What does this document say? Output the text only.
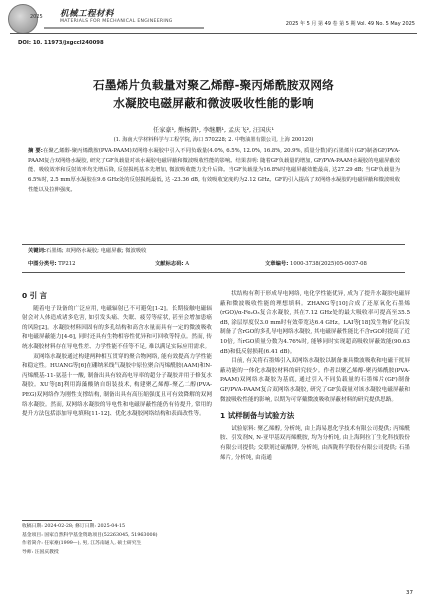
2025 机械工程材料
MATERIALS FOR MECHANICAL ENGINEERING	2025 年 5 月 第 49 卷 第 5 期 Vol. 49 No. 5 May 2025
DOI: 10. 11973/jxgccl240098
石墨烯片负载量对聚乙烯醇-聚丙烯酰胺双网络
水凝胶电磁屏蔽和微波吸收性能的影响
任家豪¹, 熊杨凯¹, 李继鹏¹, 孟庆飞², 汪国庆¹
(1. 海南大学材料科学与工程学院, 海口 570228; 2. 中物油墨有限公司, 上海 200120)
摘 要:在聚乙烯醇-聚丙烯酰胺(PVA-PAAM)双网络水凝胶中引入不同负载量(4.0%, 6.5%, 12.0%, 16.8%, 20.9%, 质量分数)的石墨烯片(GF)制备GF/PVA-PAAM复合双网络水凝胶, 研究了GF负载量对该水凝胶电磁屏蔽和微波吸收性能的影响。结果表明: 随着GF负载量的增加, GF/PVA-PAAM水凝胶的电磁屏蔽效能、吸收效率和反射效率均先增后降, 反射损耗基本先增加, 微波吸收能力先升后降。当GF负载量为16.8%时电磁屏蔽效能最高, 达27.29 dB; 当GF负载量为6.5%时, 2.5 mm厚水凝胶在9.6 GHz处的反射损耗最低, 达 -23.36 dB, 有效吸收宽度约为2.12 GHz。GF的引入提高了双网络水凝胶的电磁屏蔽和微波吸收性能以及拉伸强度。
关键词:石墨烯; 双网络水凝胶; 电磁屏蔽; 微波吸收
中图分类号: TP212	文献标志码: A	文章编号: 1000-3738(2025)05-0037-08
0 引 言

随着电子设备的广泛应用, 电磁辐射已不可避免[1-2]。长期接触电磁辐射会对人体造成诸多危害, 如引发头痛、失眠、疲劳等症状, 甚至会增加患癌的风险[2]。水凝胶材料因固有的多孔结构和高含水量而具有一定的微波吸收和电磁屏蔽能力[4-6], 同时还具有生物相容性优异和可回收等特点。然而, 传统水凝胶材料存在导电性差、力学性能不佳等不足, 难以满足实际应用需求。

双网络水凝胶通过构建两种相互贯穿的聚合物网络, 能有效提高力学性能和稳定性。HUANG等[6]在硼纳米线气凝胶中原位聚合丙烯酰胺(AAM)和N-丙烯酰基-11-氨基十一酸, 制备出具有较高电导率的超分子凝胶并用于修复水凝胶。XU等[8]利用海藻酸钠自组装技术, 构建聚乙烯醇-聚乙二醇(PVA-PEG)双网络作为刚性支撑结构, 制备出具有高压缩强度且可有效降解的双网络水凝胶。然而, 双网络水凝胶的导电性和电磁屏蔽性能仍有待提升, 常用的提升方法包括添加导电填料[11-12]、优化水凝胶网络结构和表面改性等。

收稿日期: 2024-02-28; 修订日期: 2025-04-15
基金项目: 国家自然科学基金资助项目(52263045, 51963008)
作者简介: 任家豪(1999—), 男, 江苏南通人, 硕士研究生
导师: 汪国庆教授

状结构有利于形成导电网络, 电化学性能优异, 成为了提升水凝胶电磁屏蔽和微波吸收性能的理想填料。ZHANG等[10]合成了还原氧化石墨烯(rGO)/α-Fe₂O₃复合水凝胶, 其在7.12 GHz处的最大吸收率可提高至35.5 dB, 涂层厚度仅3.0 mm时有效带宽达6.4 GHz。LAI等[18]发生物矿化启发制备了含rGO的多孔导电网络水凝胶, 其电磁屏蔽性能比不含rGO时提高了近10倍, 当rGO质量分数为4.76%时, 能够同时实现超高吸收屏蔽效能(90.63 dB)和低反射损耗(6.41 dB)。

目前, 有关将石墨烯引入双网络水凝胶以制备兼具微波吸收和电磁干扰屏蔽功能的一体化水凝胶材料的研究较少。作者以聚乙烯醇-聚丙烯酰胺(PVA-PAAM)双网络水凝胶为基底, 通过引入不同负载量的石墨烯片(GF)制备GF/PVA-PAAM复合双网络水凝胶, 研究了GF负载量对该水凝胶电磁屏蔽和微波吸收性能的影响, 以期为可穿戴微波吸收屏蔽材料的研究提供思路。

1 试样制备与试验方法

试验原料: 聚乙烯醇, 分析纯, 由上海易恩化学技术有限公司提供; 丙烯酰胺、引发剂N, N-亚甲基双丙烯酰胺, 均为分析纯, 由上海阿拉丁生化科技股份有限公司提供; 交联剂过硫酸钾, 分析纯, 由西陇科学股份有限公司提供; 石墨烯片, 分析纯, 由南通

37
